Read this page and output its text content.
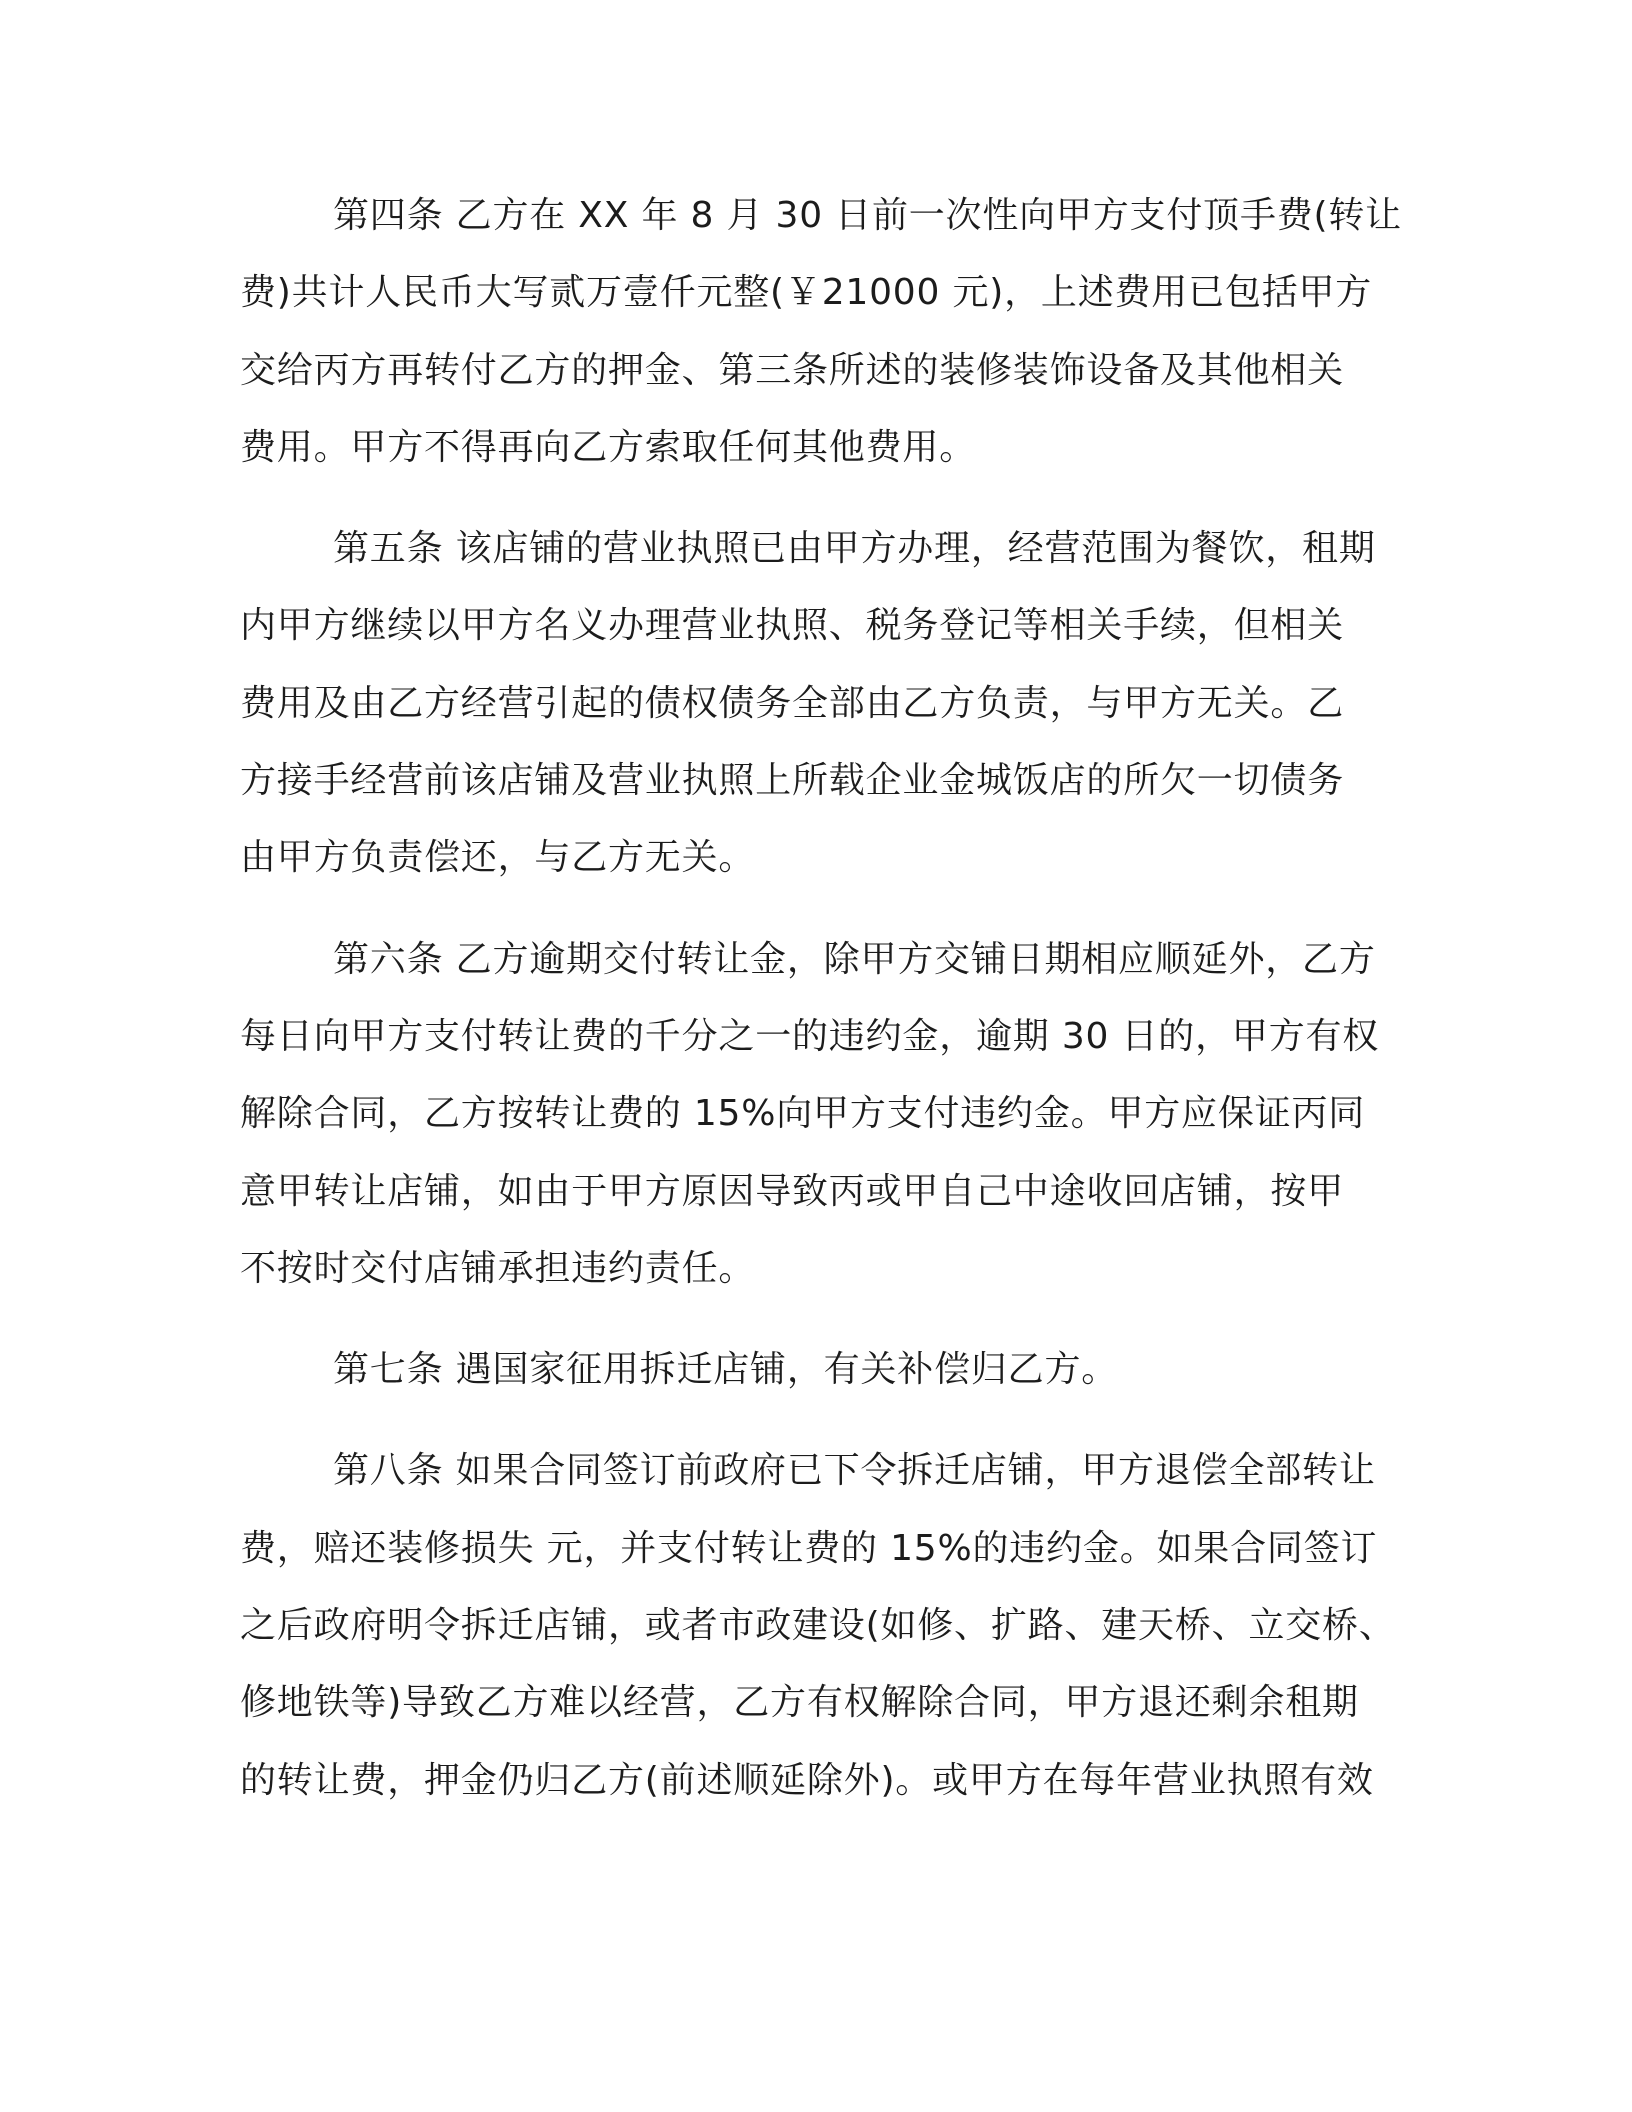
第四条 乙方在 XX 年 8 月 30 日前一次性向甲方支付顶手费(转让
费)共计人民币大写贰万壹仟元整(￥21000 元)，上述费用已包括甲方
交给丙方再转付乙方的押金、第三条所述的装修装饰设备及其他相关
费用。甲方不得再向乙方索取任何其他费用。
第五条 该店铺的营业执照已由甲方办理，经营范围为餐饮，租期
内甲方继续以甲方名义办理营业执照、税务登记等相关手续，但相关
费用及由乙方经营引起的债权债务全部由乙方负责，与甲方无关。乙
方接手经营前该店铺及营业执照上所载企业金城饭店的所欠一切债务
由甲方负责偿还，与乙方无关。
第六条 乙方逾期交付转让金，除甲方交铺日期相应顺延外，乙方
每日向甲方支付转让费的千分之一的违约金，逾期 30 日的，甲方有权
解除合同，乙方按转让费的 15%向甲方支付违约金。甲方应保证丙同
意甲转让店铺，如由于甲方原因导致丙或甲自己中途收回店铺，按甲
不按时交付店铺承担违约责任。
第七条 遇国家征用拆迁店铺，有关补偿归乙方。
第八条 如果合同签订前政府已下令拆迁店铺，甲方退偿全部转让
费，赔还装修损失 元，并支付转让费的 15%的违约金。如果合同签订
之后政府明令拆迁店铺，或者市政建设(如修、扩路、建天桥、立交桥、
修地铁等)导致乙方难以经营，乙方有权解除合同，甲方退还剩余租期
的转让费，押金仍归乙方(前述顺延除外)。或甲方在每年营业执照有效
